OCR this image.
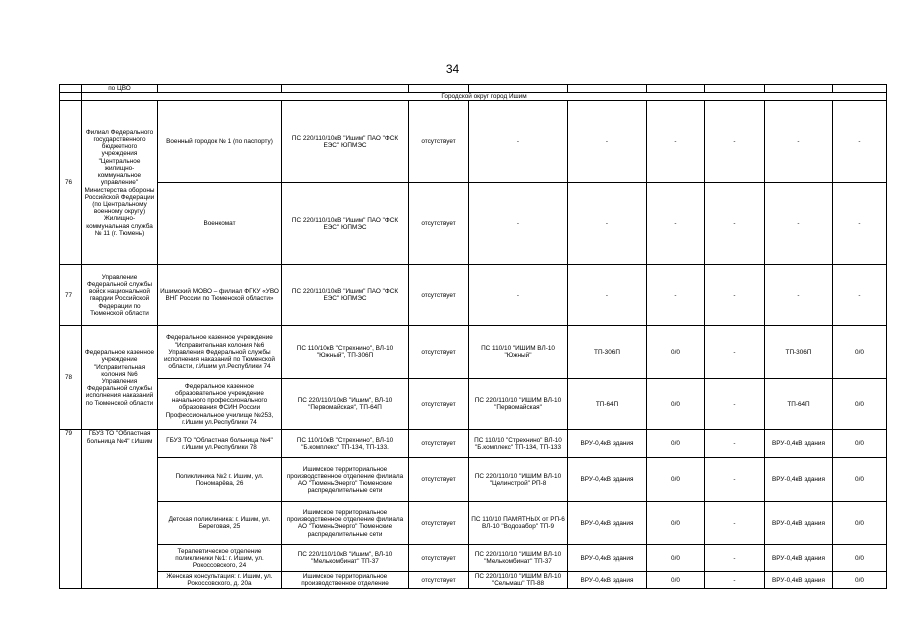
34
	по ЦВО									
	Городской округ город Ишим									
76	Филиал Федерального государственного бюджетного учреждения "Центральное жилищно-коммунальное управление" Министерства обороны Российской Федерации (по Центральному военному округу) Жилищно-коммунальная служба № 11 (г. Тюмень)	Военный городок № 1 (по паспорту)	ПС 220/110/10кВ "Ишим" ПАО "ФСК ЕЭС" ЮПМЭС	отсутствует	-	-	-	-	-	-
		Военкомат	ПС 220/110/10кВ "Ишим" ПАО "ФСК ЕЭС" ЮПМЭС	отсутствует	-	-	-	-	-	-
77	Управление Федеральной службы войск национальной гвардии Российской Федерации по Тюменской области	Ишимский МОВО – филиал ФГКУ «УВО ВНГ России по Тюменской области»	ПС 220/110/10кВ "Ишим" ПАО "ФСК ЕЭС" ЮПМЭС	отсутствует	-	-	-	-	-	-
78	Федеральное казенное учреждение "Исправительная колония №6 Управления Федеральной службы исполнения наказаний по Тюменской области	Федеральное казенное учреждение "Исправительная колония №6 Управления Федеральной службы исполнения наказаний по Тюменской области, г.Ишим ул.Республики 74	ПС 110/10кВ "Стрехнино", ВЛ-10 "Южный", ТП-306П	отсутствует	ПС 110/10 "ИШИМ ВЛ-10 "Южный"	ТП-306П	0/0	-	ТП-306П	0/0
		Федеральное казенное образовательное учреждение начального профессионального образования ФСИН России Профессиональное училище №253, г.Ишим ул.Республики 74	ПС 220/110/10кВ "Ишим", ВЛ-10 "Первомайская", ТП-64П	отсутствует	ПС 220/110/10 "ИШИМ ВЛ-10 "Первомайская"	ТП-64П	0/0	-	ТП-64П	0/0
79	ГБУЗ ТО "Областная больница №4" г.Ишим	ГБУЗ ТО "Областная больница №4" г.Ишим ул.Республики 78	ПС 110/10кВ "Стрехнино", ВЛ-10 "Б.комплекс" ТП-134, ТП-133.	отсутствует	ПС 110/10 "Стрехнино" ВЛ-10 "Б.комплекс" ТП-134, ТП-133	ВРУ-0,4кВ здания	0/0	-	ВРУ-0,4кВ здания	0/0
		Поликлиника №2 г. Ишим, ул. Пономарёва, 26	Ишимское территориальное производственное отделение филиала АО "ТюменьЭнерго" Тюменские распределительные сети	отсутствует	ПС 220/110/10 "ИШИМ ВЛ-10 "Целинстрой" РП-8	ВРУ-0,4кВ здания	0/0	-	ВРУ-0,4кВ здания	0/0
		Детская поликлиника: г. Ишим, ул. Береговая, 25	Ишимское территориальное производственное отделение филиала АО "ТюменьЭнерго" Тюменские распределительные сети	отсутствует	ПС 110/10 ПАМЯТНЫХ от РП-6 ВЛ-10 "Водозабор" ТП-9	ВРУ-0,4кВ здания	0/0	-	ВРУ-0,4кВ здания	0/0
		Терапевтическое отделение поликлиники №1: г. Ишим, ул. Рокоссовского, 24	ПС 220/110/10кВ "Ишим", ВЛ-10 "Мелькомбинат" ТП-37	отсутствует	ПС 220/110/10 "ИШИМ ВЛ-10 "Мелькомбинат" ТП-37	ВРУ-0,4кВ здания	0/0	-	ВРУ-0,4кВ здания	0/0
		Женская консультация: г. Ишим, ул. Рокоссовского, д. 20а	Ишимское территориальное производственное отделение	отсутствует	ПС 220/110/10 "ИШИМ ВЛ-10 "Сельмаш" ТП-88	ВРУ-0,4кВ здания	0/0	-	ВРУ-0,4кВ здания	0/0
